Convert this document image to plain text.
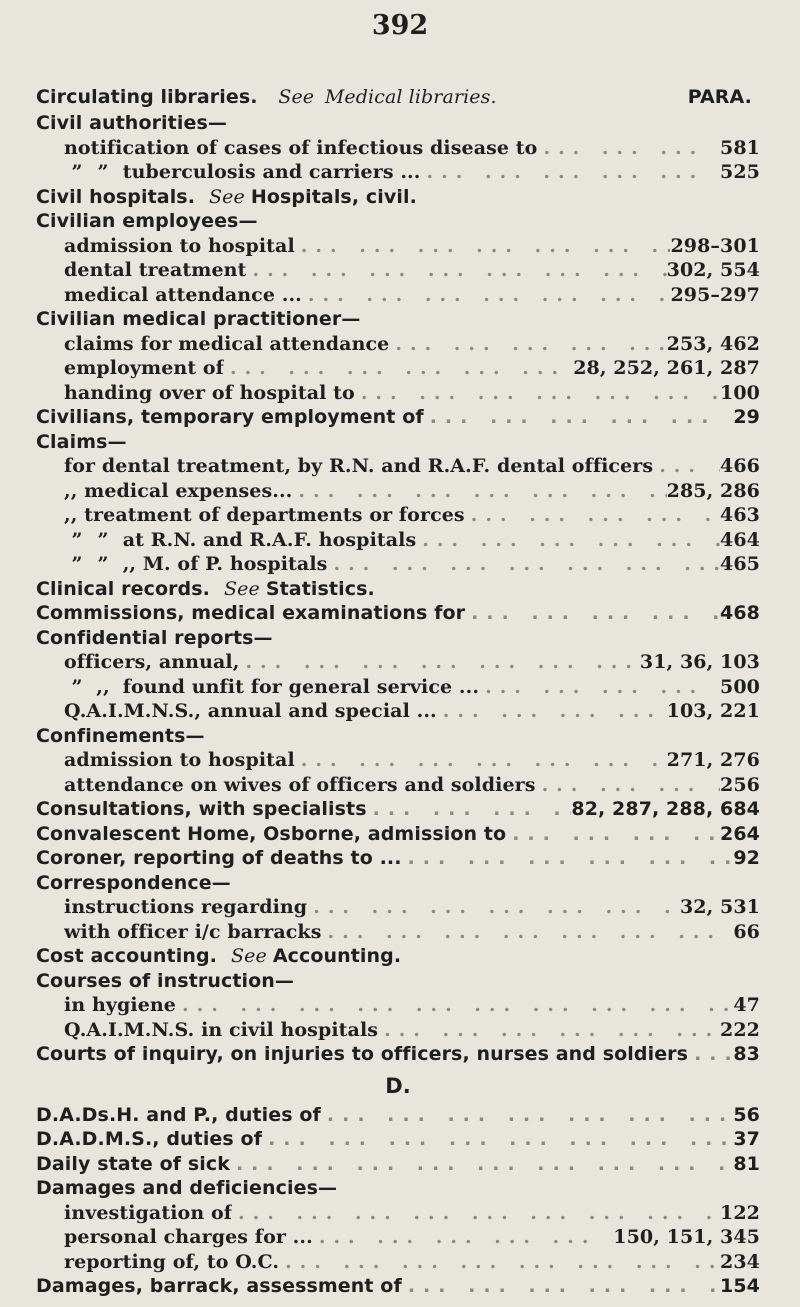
392
Circulating libraries. See Medical libraries.	PARA.
Civil authorities—
notification of cases of infectious disease to ... .	581
” ” tuberculosis and carriers ... ... .	525
Civil hospitals. See Hospitals, civil.
Civilian employees—
admission to hospital ... .	298–301
dental treatment ... .	302, 554
medical attendance ... ... .	295–297
Civilian medical practitioner—
claims for medical attendance ... .	253, 462
employment of ... .	28, 252, 261, 287
handing over of hospital to ... .	100
Civilians, temporary employment of ... .	29
Claims—
for dental treatment, by R.N. and R.A.F. dental officers ... .	466
,, medical expenses... ... .	285, 286
,, treatment of departments or forces ... .	463
” ” at R.N. and R.A.F. hospitals ... .	464
” ” ,, M. of P. hospitals ... .	465
Clinical records. See Statistics.
Commissions, medical examinations for ... .	468
Confidential reports—
officers, annual, ... .	31, 36, 103
” ,, found unfit for general service ... ... .	500
Q.A.I.M.N.S., annual and special ... ... .	103, 221
Confinements—
admission to hospital ... .	271, 276
attendance on wives of officers and soldiers ... .	256
Consultations, with specialists ... .	82, 287, 288, 684
Convalescent Home, Osborne, admission to ... .	264
Coroner, reporting of deaths to ... ... .	92
Correspondence—
instructions regarding ... .	32, 531
with officer i/c barracks ... .	66
Cost accounting. See Accounting.
Courses of instruction—
in hygiene ... .	47
Q.A.I.M.N.S. in civil hospitals ... .	222
Courts of inquiry, on injuries to officers, nurses and soldiers ... . 83
D.
D.A.Ds.H. and P., duties of ... .	56
D.A.D.M.S., duties of ... .	37
Daily state of sick ... .	81
Damages and deficiencies—
investigation of ... .	122
personal charges for ... ... .	150, 151, 345
reporting of, to O.C. ... .	234
Damages, barrack, assessment of ... .	154
